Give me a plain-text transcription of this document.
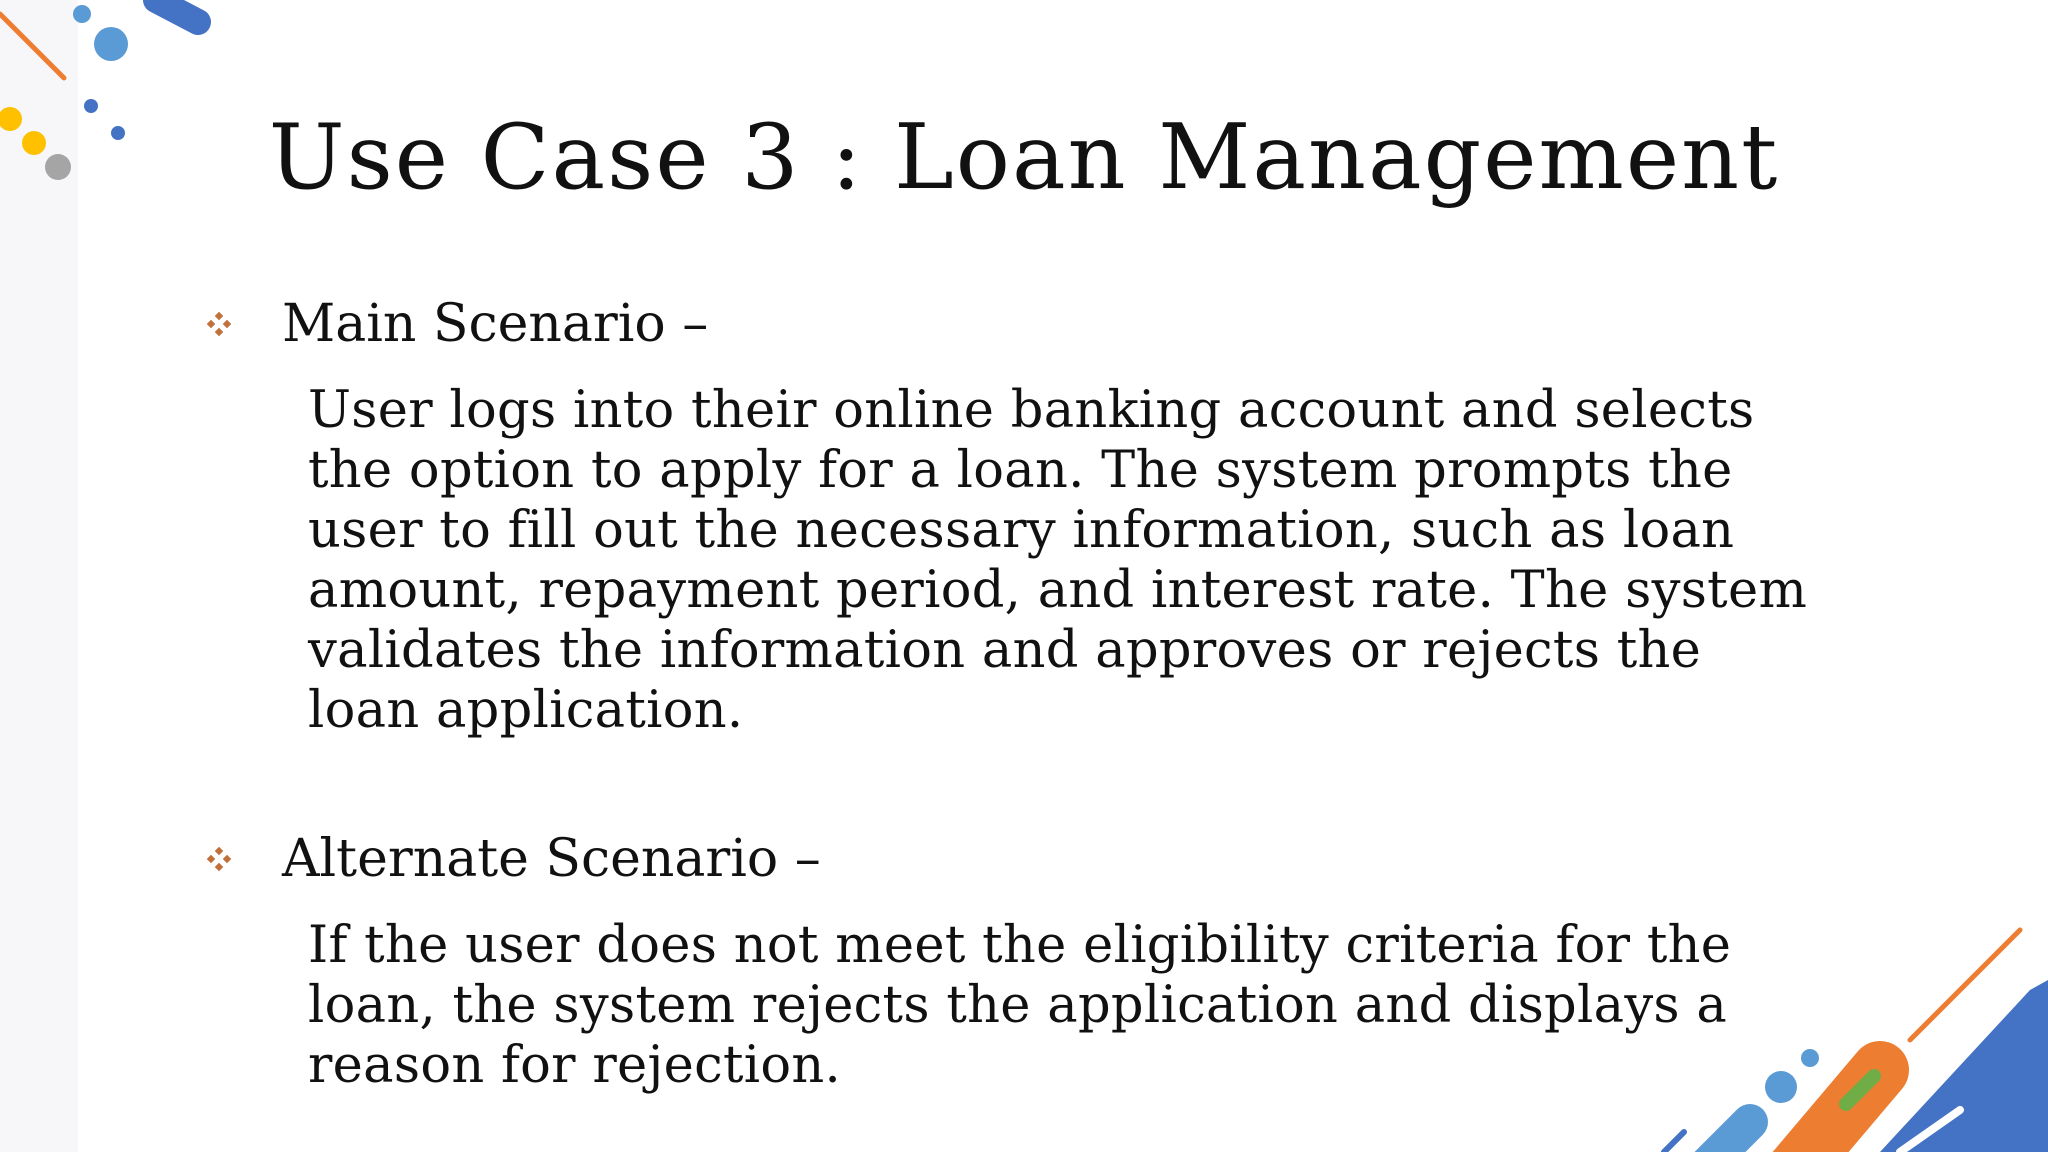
Use Case 3 : Loan Management
Main Scenario –
User logs into their online banking account and selects
the option to apply for a loan. The system prompts the
user to fill out the necessary information, such as loan
amount, repayment period, and interest rate. The system
validates the information and approves or rejects the
loan application.
Alternate Scenario –
If the user does not meet the eligibility criteria for the
loan, the system rejects the application and displays a
reason for rejection.
